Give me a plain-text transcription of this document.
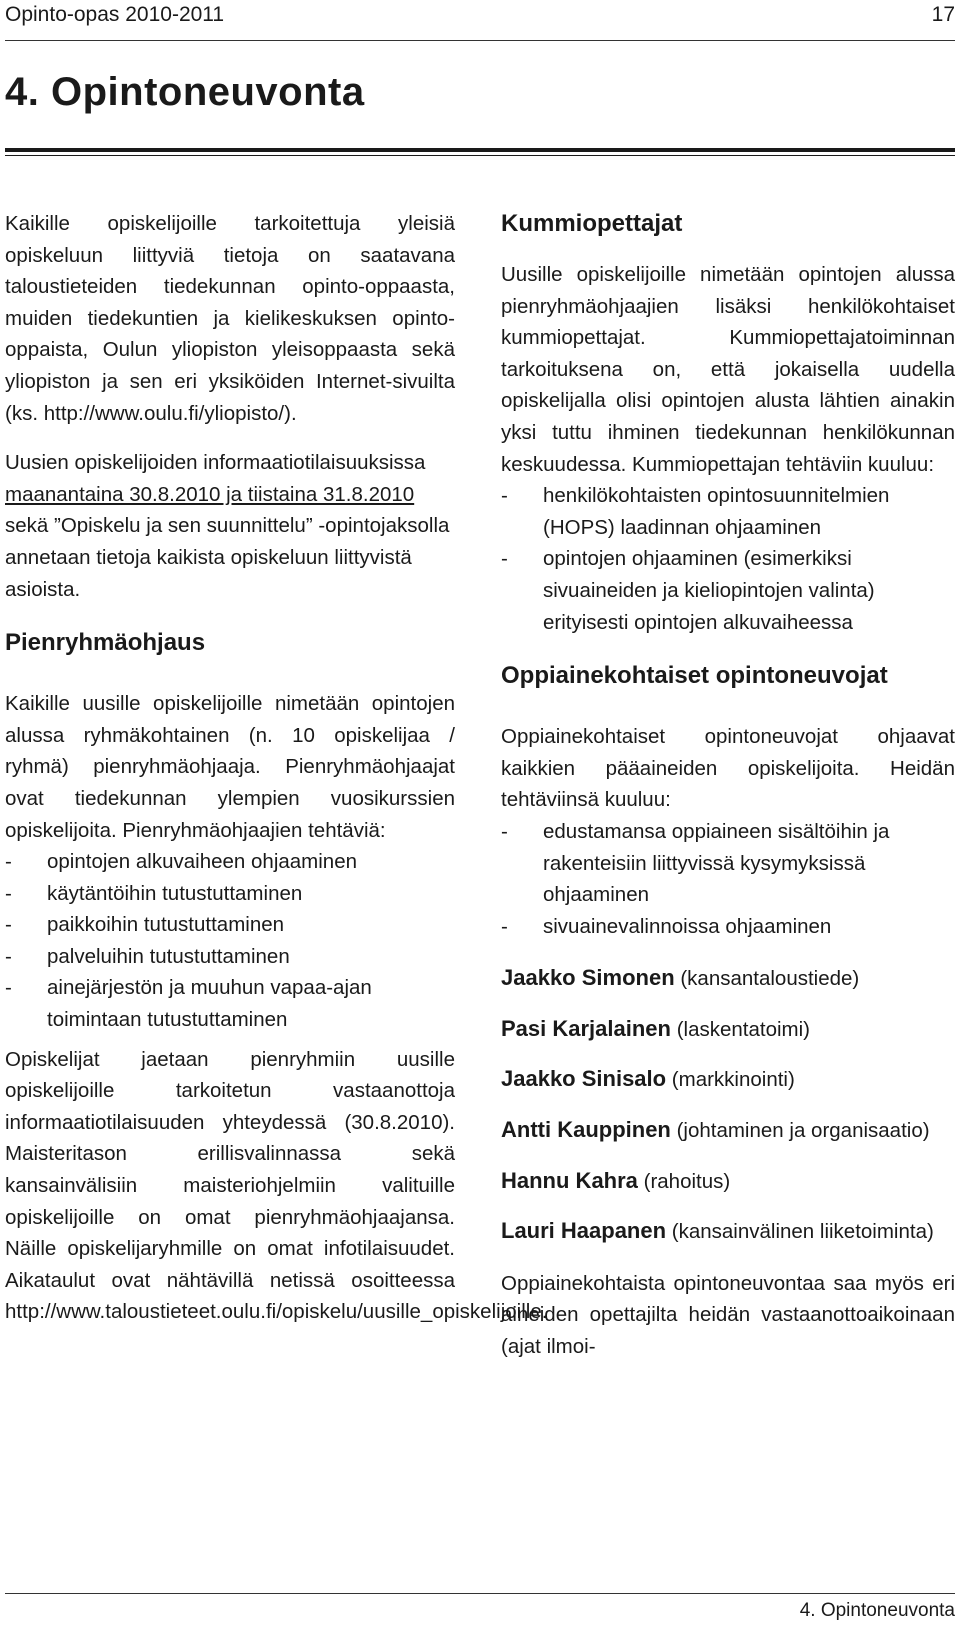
Opinto-opas 2010-2011	17
4. Opintoneuvonta

Kaikille opiskelijoille tarkoitettuja yleisiä opiskeluun liittyviä tietoja on saatavana taloustieteiden tiedekunnan opinto-oppaasta, muiden tiedekuntien ja kielikeskuksen opinto-oppaista, Oulun yliopiston yleisoppaasta sekä yliopiston ja sen eri yksiköiden Internet-sivuilta (ks. http://www.oulu.fi/yliopisto/).

Uusien opiskelijoiden informaatiotilaisuuksissa maanantaina 30.8.2010 ja tiistaina 31.8.2010 sekä ”Opiskelu ja sen suunnittelu” -opintojaksolla annetaan tietoja kaikista opiskeluun liittyvistä asioista.

Pienryhmäohjaus

Kaikille uusille opiskelijoille nimetään opintojen alussa ryhmäkohtainen (n. 10 opiskelijaa / ryhmä) pienryhmäohjaaja. Pienryhmäohjaajat ovat tiedekunnan ylempien vuosikurssien opiskelijoita. Pienryhmäohjaajien tehtäviä:

- opintojen alkuvaiheen ohjaaminen
- käytäntöihin tutustuttaminen
- paikkoihin tutustuttaminen
- palveluihin tutustuttaminen
- ainejärjestön ja muuhun vapaa-ajan toimintaan tutustuttaminen

Opiskelijat jaetaan pienryhmiin uusille opiskelijoille tarkoitetun vastaanottoja informaatiotilaisuuden yhteydessä (30.8.2010). Maisteritason erillisvalinnassa sekä kansainvälisiin maisteriohjelmiin valituille opiskelijoille on omat pienryhmäohjaajansa. Näille opiskelijaryhmille on omat infotilaisuudet. Aikataulut ovat nähtävillä netissä osoitteessa http://www.taloustieteet.oulu.fi/opiskelu/uusille_opiskelijoille.

Kummiopettajat

Uusille opiskelijoille nimetään opintojen alussa pienryhmäohjaajien lisäksi henkilökohtaiset kummiopettajat. Kummiopettajatoiminnan tarkoituksena on, että jokaisella uudella opiskelijalla olisi opintojen alusta lähtien ainakin yksi tuttu ihminen tiedekunnan henkilökunnan keskuudessa. Kummiopettajan tehtäviin kuuluu:

- henkilökohtaisten opintosuunnitelmien (HOPS) laadinnan ohjaaminen
- opintojen ohjaaminen (esimerkiksi sivuaineiden ja kieliopintojen valinta) erityisesti opintojen alkuvaiheessa
Oppiainekohtaiset opintoneuvojat

Oppiainekohtaiset opintoneuvojat ohjaavat kaikkien pääaineiden opiskelijoita. Heidän tehtäviinsä kuuluu:

- edustamansa oppiaineen sisältöihin ja rakenteisiin liittyvissä kysymyksissä ohjaaminen
- sivuainevalinnoissa ohjaaminen

Jaakko Simonen (kansantaloustiede)

Pasi Karjalainen (laskentatoimi)

Jaakko Sinisalo (markkinointi)

Antti Kauppinen (johtaminen ja organisaatio)

Hannu Kahra (rahoitus)

Lauri Haapanen (kansainvälinen liiketoiminta)

Oppiainekohtaista opintoneuvontaa saa myös eri aineiden opettajilta heidän vastaanottoaikoinaan (ajat ilmoi-

4. Opintoneuvonta
